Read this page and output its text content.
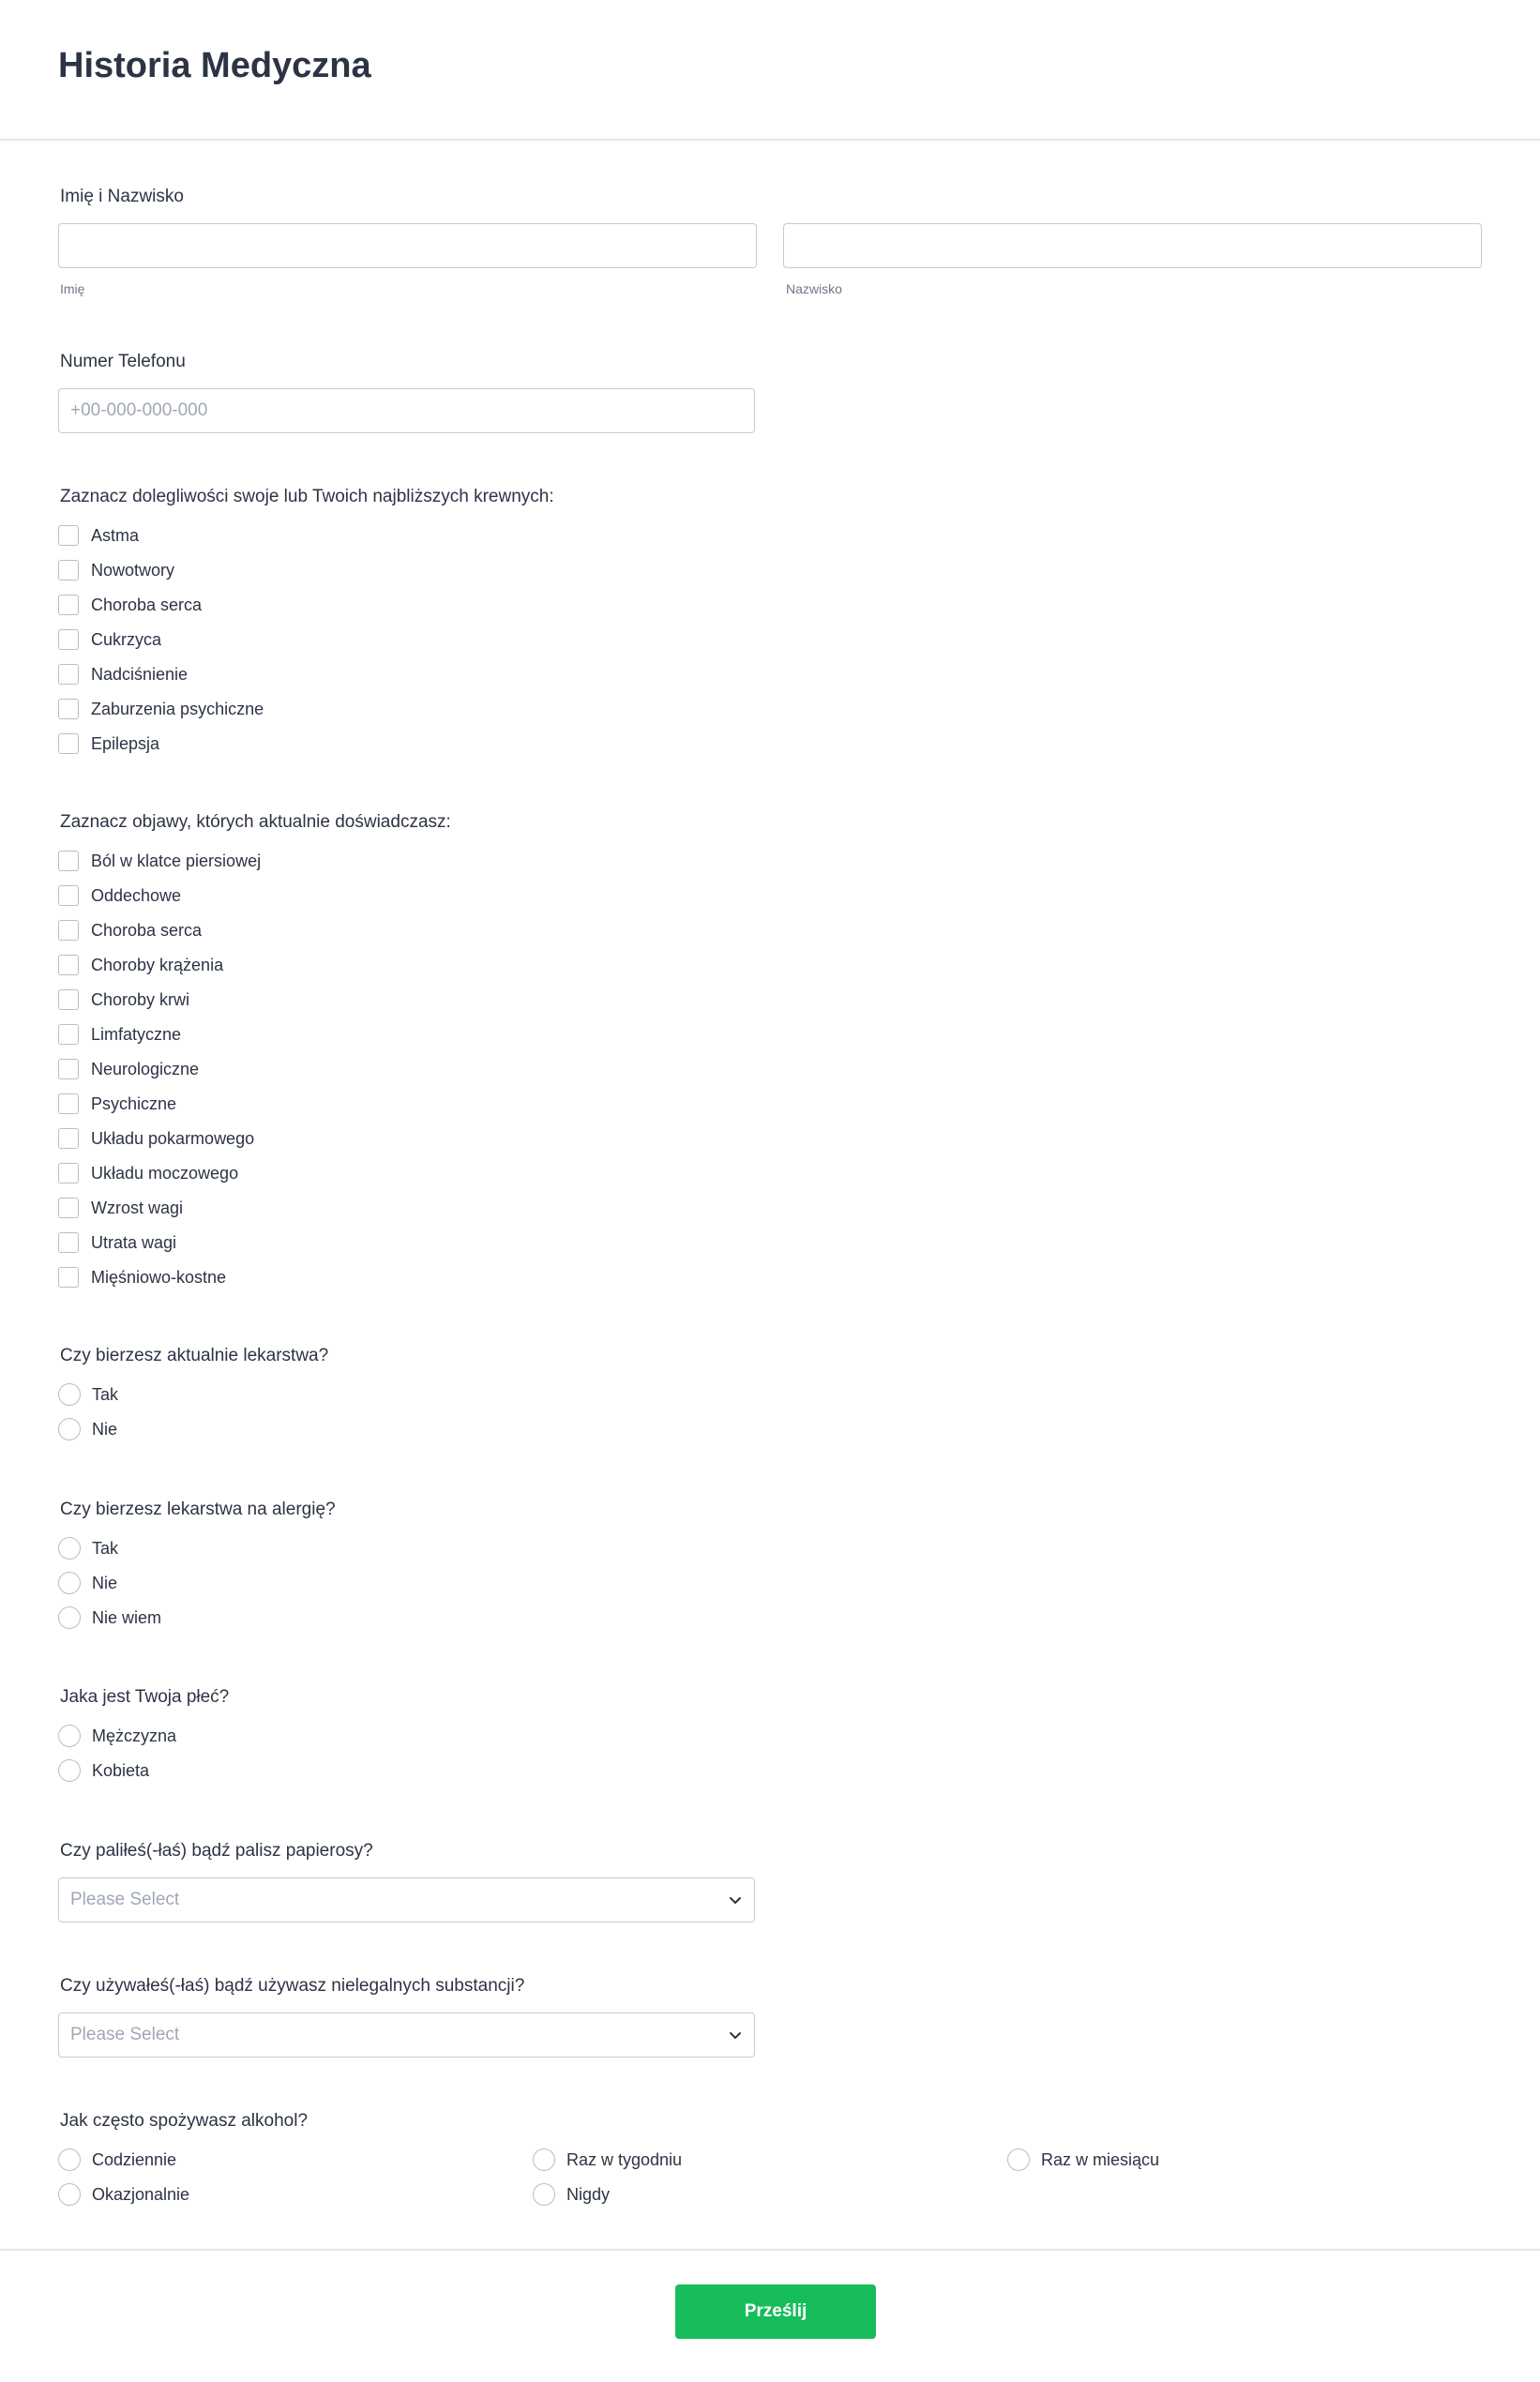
Historia Medyczna
Imię i Nazwisko
Imię	Nazwisko
Numer Telefonu
+00-000-000-000
Zaznacz dolegliwości swoje lub Twoich najbliższych krewnych:
Astma
Nowotwory
Choroba serca
Cukrzyca
Nadciśnienie
Zaburzenia psychiczne
Epilepsja
Zaznacz objawy, których aktualnie doświadczasz:
Ból w klatce piersiowej
Oddechowe
Choroba serca
Choroby krążenia
Choroby krwi
Limfatyczne
Neurologiczne
Psychiczne
Układu pokarmowego
Układu moczowego
Wzrost wagi
Utrata wagi
Mięśniowo-kostne
Czy bierzesz aktualnie lekarstwa?
Tak
Nie
Czy bierzesz lekarstwa na alergię?
Tak
Nie
Nie wiem
Jaka jest Twoja płeć?
Mężczyzna
Kobieta
Czy paliłeś(-łaś) bądź palisz papierosy?
Please Select
Czy używałeś(-łaś) bądź używasz nielegalnych substancji?
Please Select
Jak często spożywasz alkohol?
Codziennie	Raz w tygodniu	Raz w miesiącu
Okazjonalnie	Nigdy
Prześlij
